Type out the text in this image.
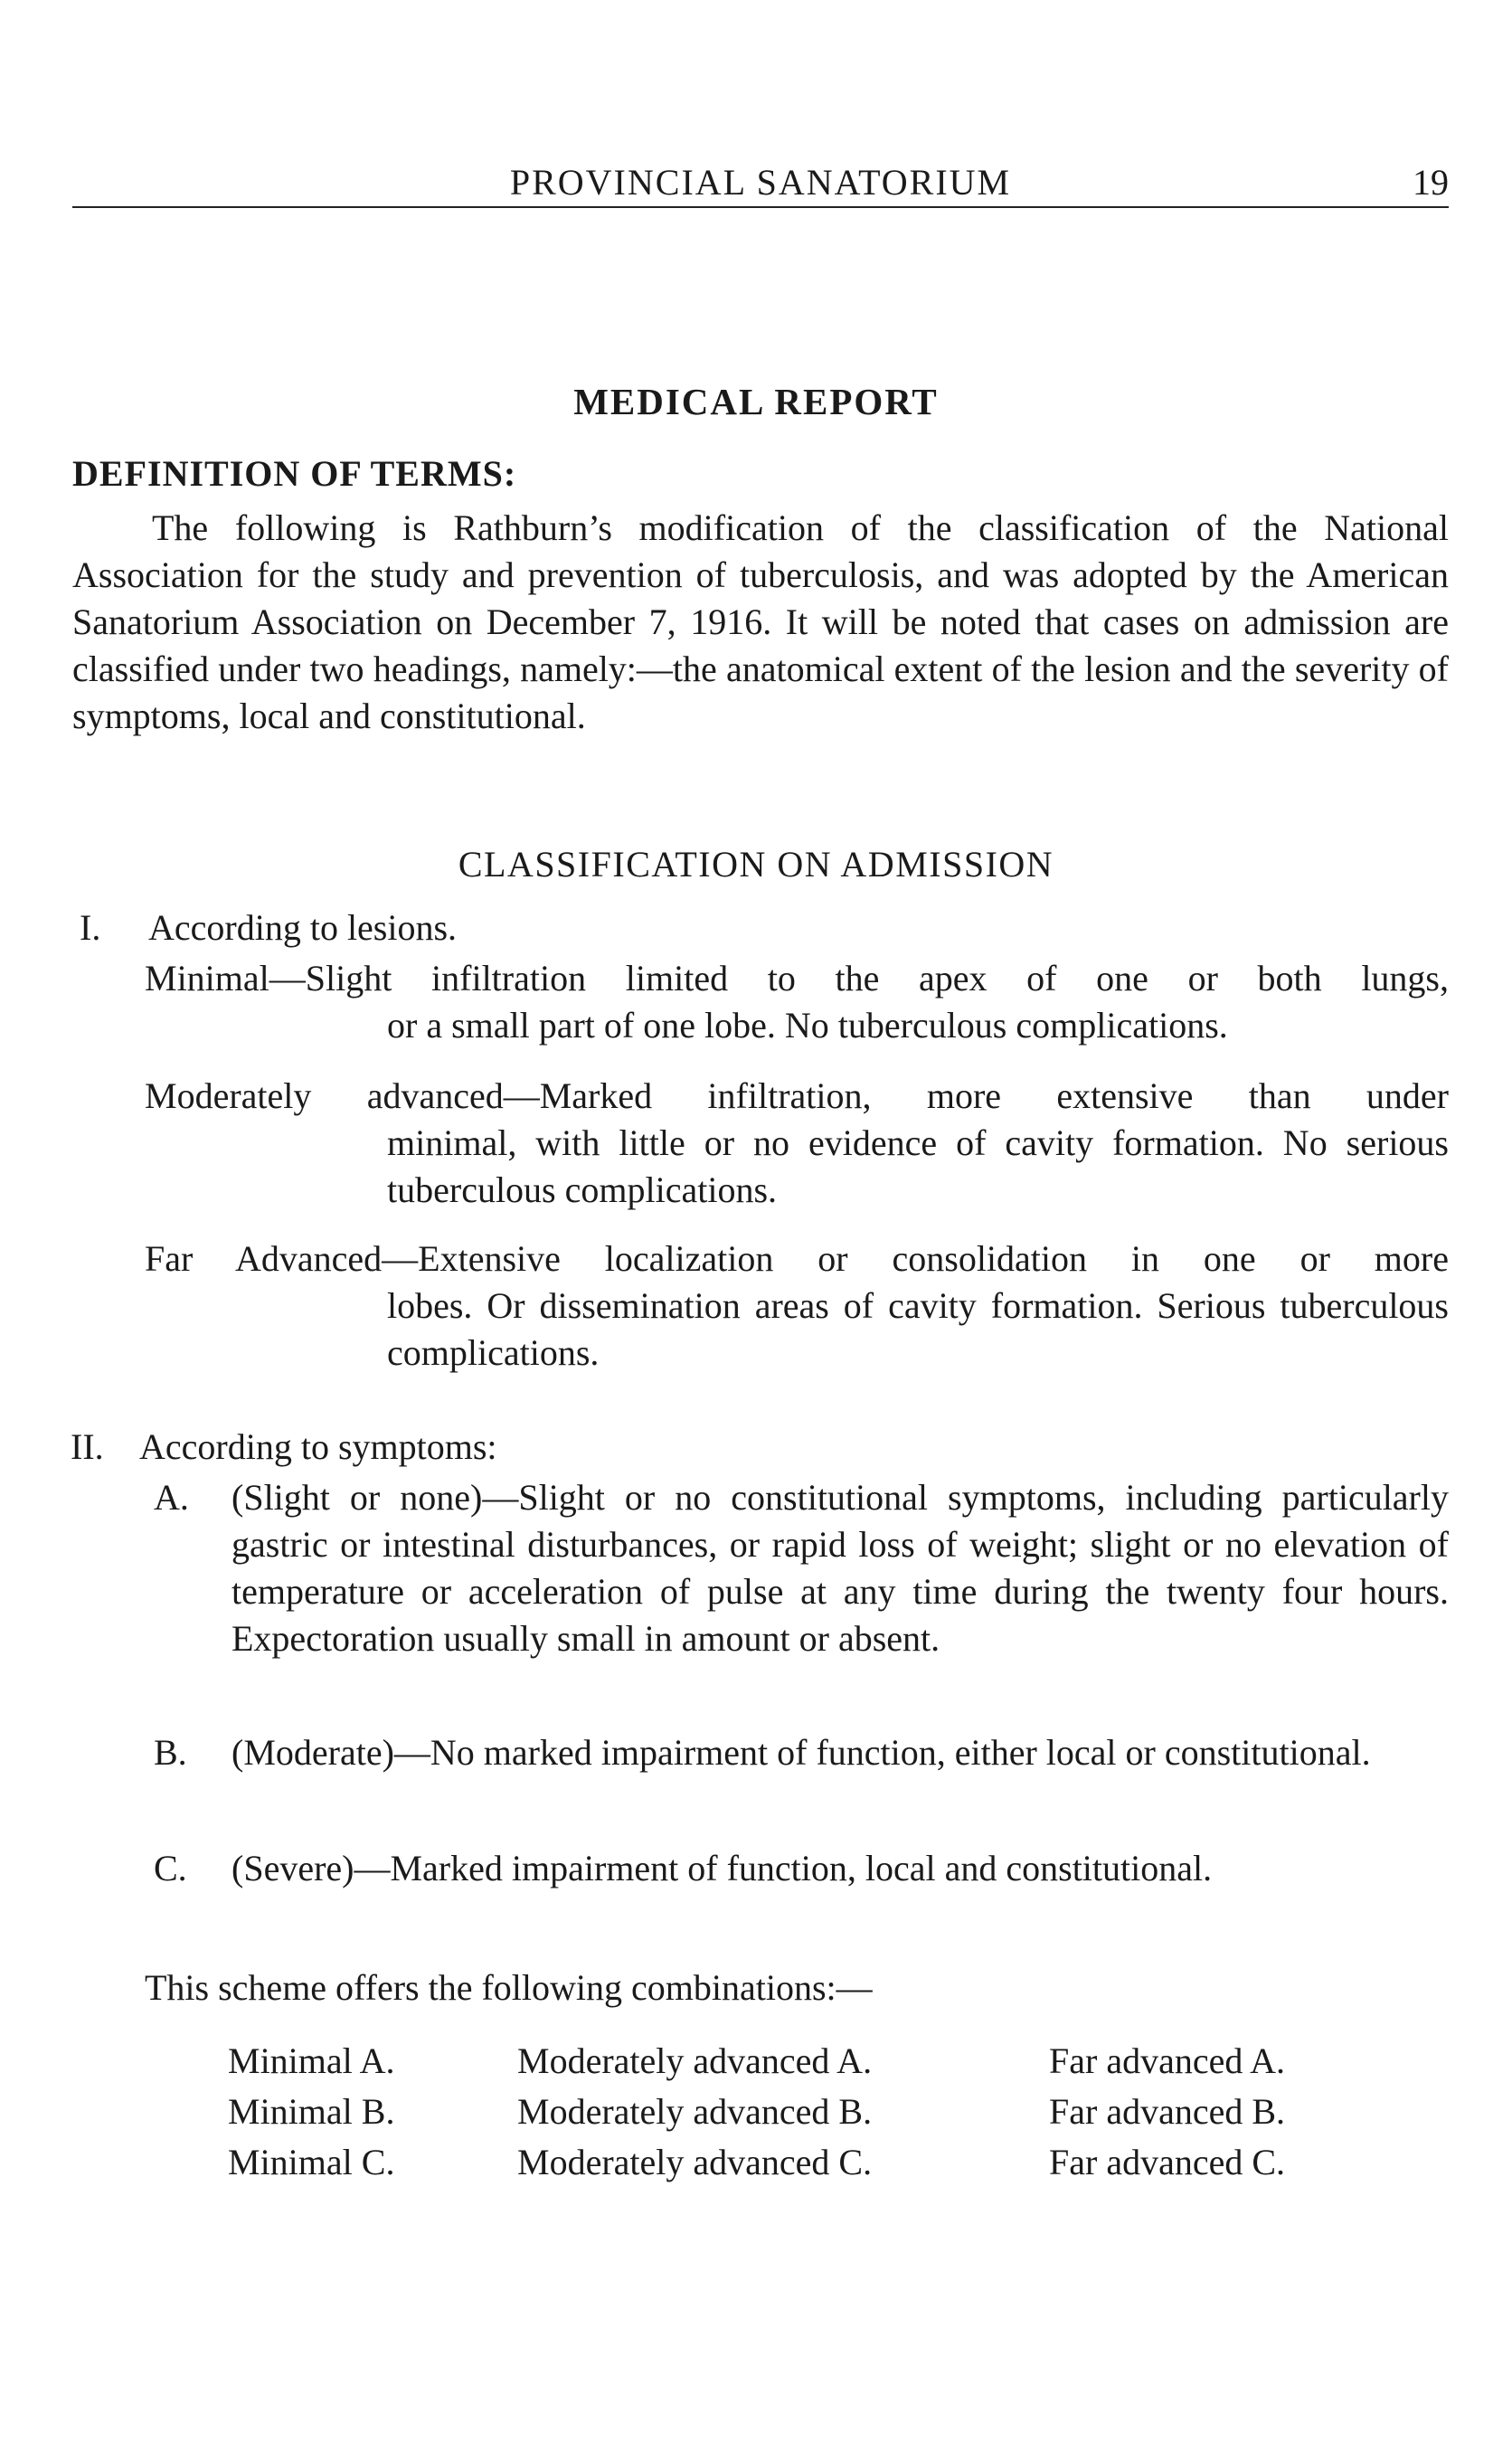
PROVINCIAL SANATORIUM	19
MEDICAL REPORT
DEFINITION OF TERMS:

The following is Rathburn’s modification of the classification of the National Association for the study and prevention of tuberculosis, and was adopted by the American Sanatorium Association on December 7, 1916. It will be noted that cases on admission are classified under two headings, namely:—the anatomical extent of the lesion and the severity of symptoms, local and constitutional.

CLASSIFICATION ON ADMISSION
I. According to lesions.
Minimal—Slight infiltration limited to the apex of one or both lungs,
or a small part of one lobe. No tuberculous complications.
Moderately advanced—Marked infiltration, more extensive than under
minimal, with little or no evidence of cavity formation. No serious tuberculous complications.
Far Advanced—Extensive localization or consolidation in one or more
lobes. Or dissemination areas of cavity formation. Serious tuberculous complications.
II. According to symptoms:
A. (Slight or none)—Slight or no constitutional symptoms, including particularly gastric or intestinal disturbances, or rapid loss of weight; slight or no elevation of temperature or acceleration of pulse at any time during the twenty four hours. Expectoration usually small in amount or absent.
B. (Moderate)—No marked impairment of function, either local or constitutional.
C. (Severe)—Marked impairment of function, local and constitutional.
This scheme offers the following combinations:—
Minimal A.	Moderately advanced A.	Far advanced A.
Minimal B.	Moderately advanced B.	Far advanced B.
Minimal C.	Moderately advanced C.	Far advanced C.
